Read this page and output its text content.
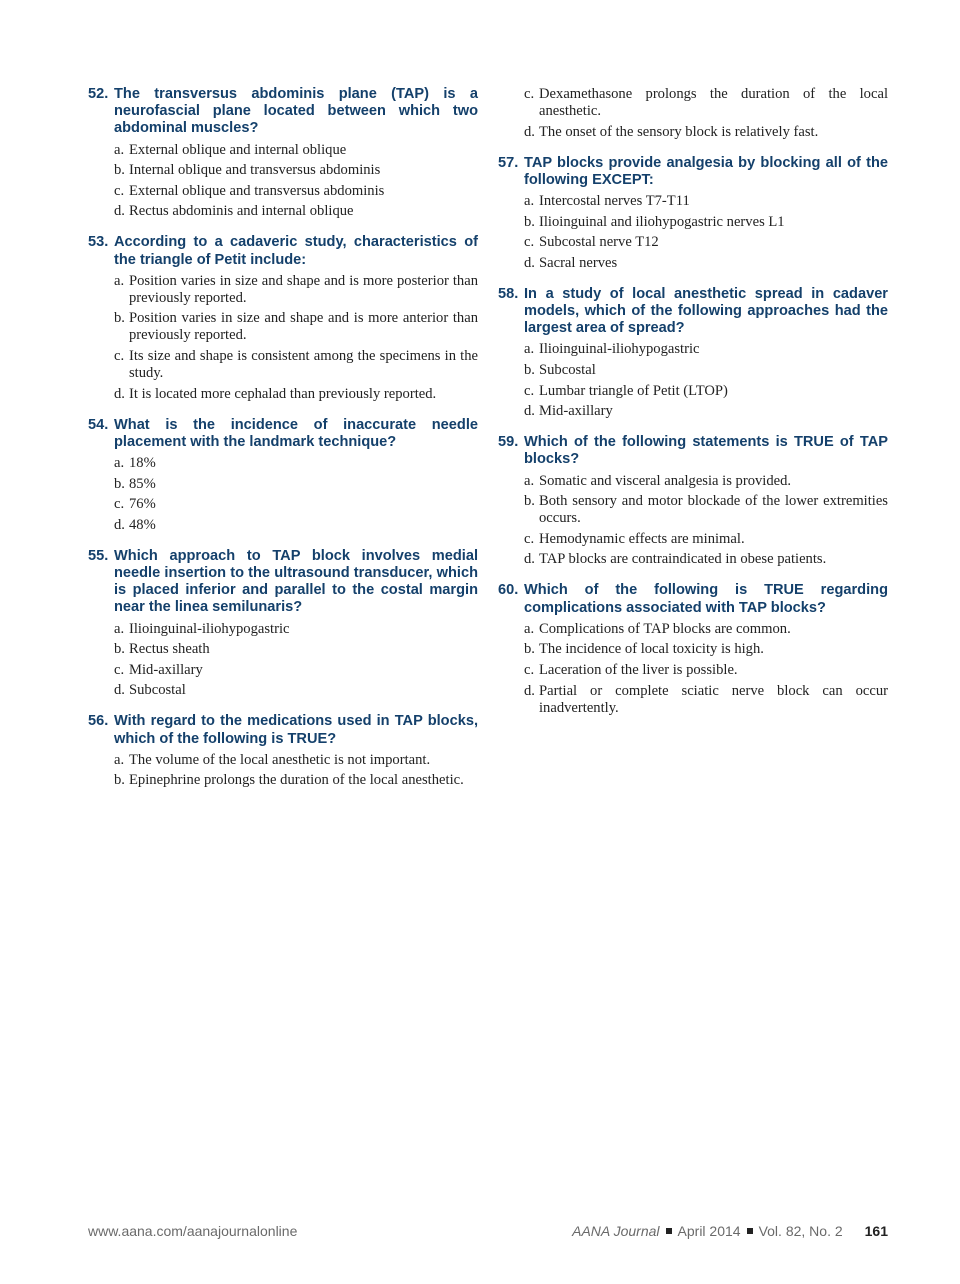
52. The transversus abdominis plane (TAP) is a neurofascial plane located between which two abdominal muscles?
a. External oblique and internal oblique
b. Internal oblique and transversus abdominis
c. External oblique and transversus abdominis
d. Rectus abdominis and internal oblique
53. According to a cadaveric study, characteristics of the triangle of Petit include:
a. Position varies in size and shape and is more posterior than previously reported.
b. Position varies in size and shape and is more anterior than previously reported.
c. Its size and shape is consistent among the specimens in the study.
d. It is located more cephalad than previously reported.
54. What is the incidence of inaccurate needle placement with the landmark technique?
a. 18%
b. 85%
c. 76%
d. 48%
55. Which approach to TAP block involves medial needle insertion to the ultrasound transducer, which is placed inferior and parallel to the costal margin near the linea semilunaris?
a. Ilioinguinal-iliohypogastric
b. Rectus sheath
c. Mid-axillary
d. Subcostal
56. With regard to the medications used in TAP blocks, which of the following is TRUE?
a. The volume of the local anesthetic is not important.
b. Epinephrine prolongs the duration of the local anesthetic.
c. Dexamethasone prolongs the duration of the local anesthetic.
d. The onset of the sensory block is relatively fast.
57. TAP blocks provide analgesia by blocking all of the following EXCEPT:
a. Intercostal nerves T7-T11
b. Ilioinguinal and iliohypogastric nerves L1
c. Subcostal nerve T12
d. Sacral nerves
58. In a study of local anesthetic spread in cadaver models, which of the following approaches had the largest area of spread?
a. Ilioinguinal-iliohypogastric
b. Subcostal
c. Lumbar triangle of Petit (LTOP)
d. Mid-axillary
59. Which of the following statements is TRUE of TAP blocks?
a. Somatic and visceral analgesia is provided.
b. Both sensory and motor blockade of the lower extremities occurs.
c. Hemodynamic effects are minimal.
d. TAP blocks are contraindicated in obese patients.
60. Which of the following is TRUE regarding complications associated with TAP blocks?
a. Complications of TAP blocks are common.
b. The incidence of local toxicity is high.
c. Laceration of the liver is possible.
d. Partial or complete sciatic nerve block can occur inadvertently.
www.aana.com/aanajournalonline	AANA Journal April 2014 Vol. 82, No. 2 161
